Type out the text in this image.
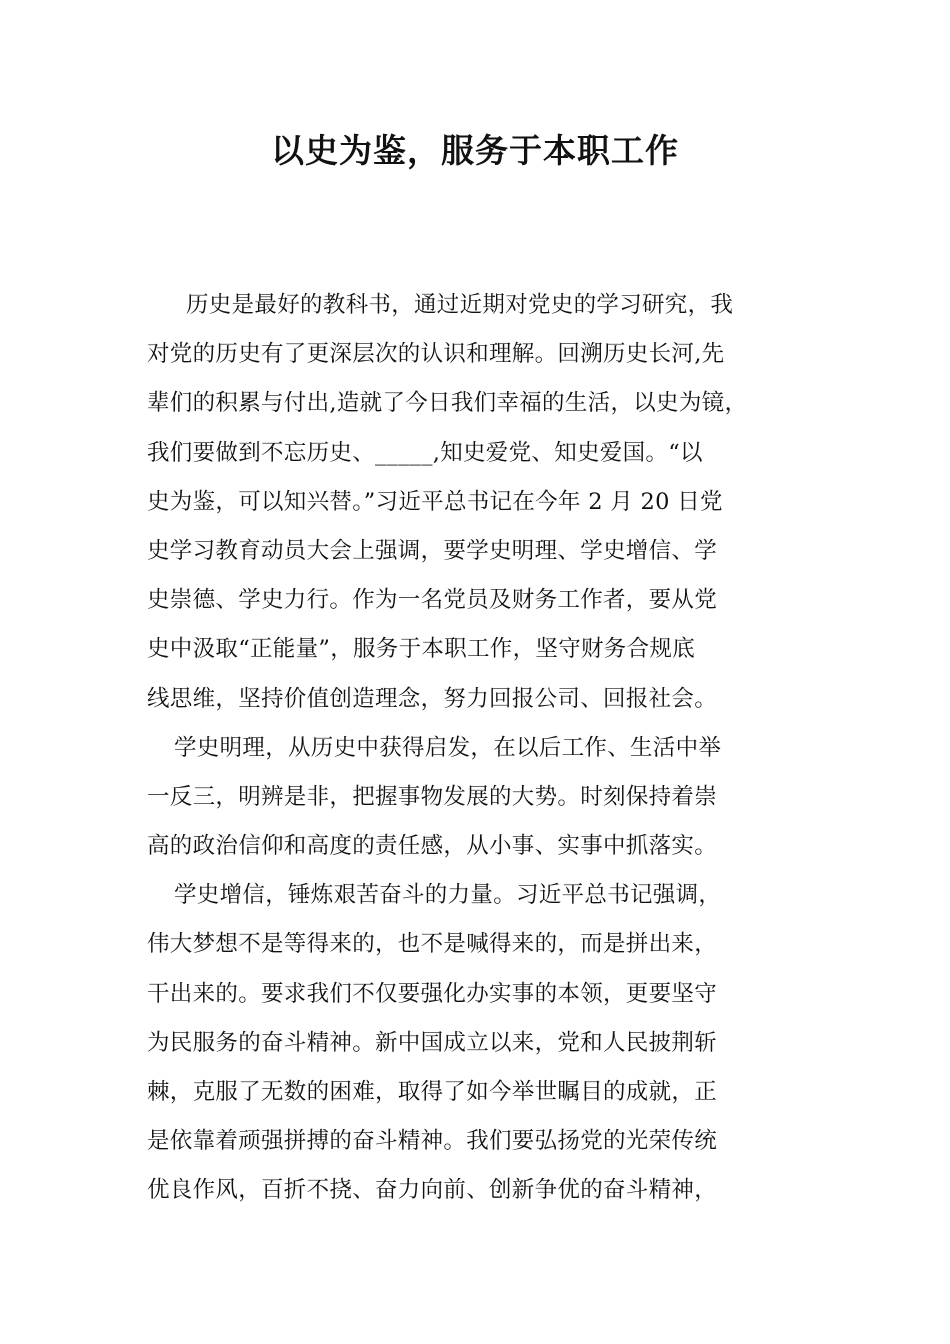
以史为鉴，服务于本职工作
历史是最好的教科书，通过近期对党史的学习研究，我
对党的历史有了更深层次的认识和理解。回溯历史长河,先
辈们的积累与付出,造就了今日我们幸福的生活，以史为镜，
我们要做到不忘历史、_____,知史爱党、知史爱国。“以
史为鉴，可以知兴替。”习近平总书记在今年 2 月 20 日党
史学习教育动员大会上强调，要学史明理、学史增信、学
史崇德、学史力行。作为一名党员及财务工作者，要从党
史中汲取“正能量”，服务于本职工作，坚守财务合规底
线思维，坚持价值创造理念，努力回报公司、回报社会。
学史明理，从历史中获得启发，在以后工作、生活中举
一反三，明辨是非，把握事物发展的大势。时刻保持着崇
高的政治信仰和高度的责任感，从小事、实事中抓落实。
学史增信，锤炼艰苦奋斗的力量。习近平总书记强调，
伟大梦想不是等得来的，也不是喊得来的，而是拼出来，
干出来的。要求我们不仅要强化办实事的本领，更要坚守
为民服务的奋斗精神。新中国成立以来，党和人民披荆斩
棘，克服了无数的困难，取得了如今举世瞩目的成就，正
是依靠着顽强拼搏的奋斗精神。我们要弘扬党的光荣传统
优良作风，百折不挠、奋力向前、创新争优的奋斗精神，
